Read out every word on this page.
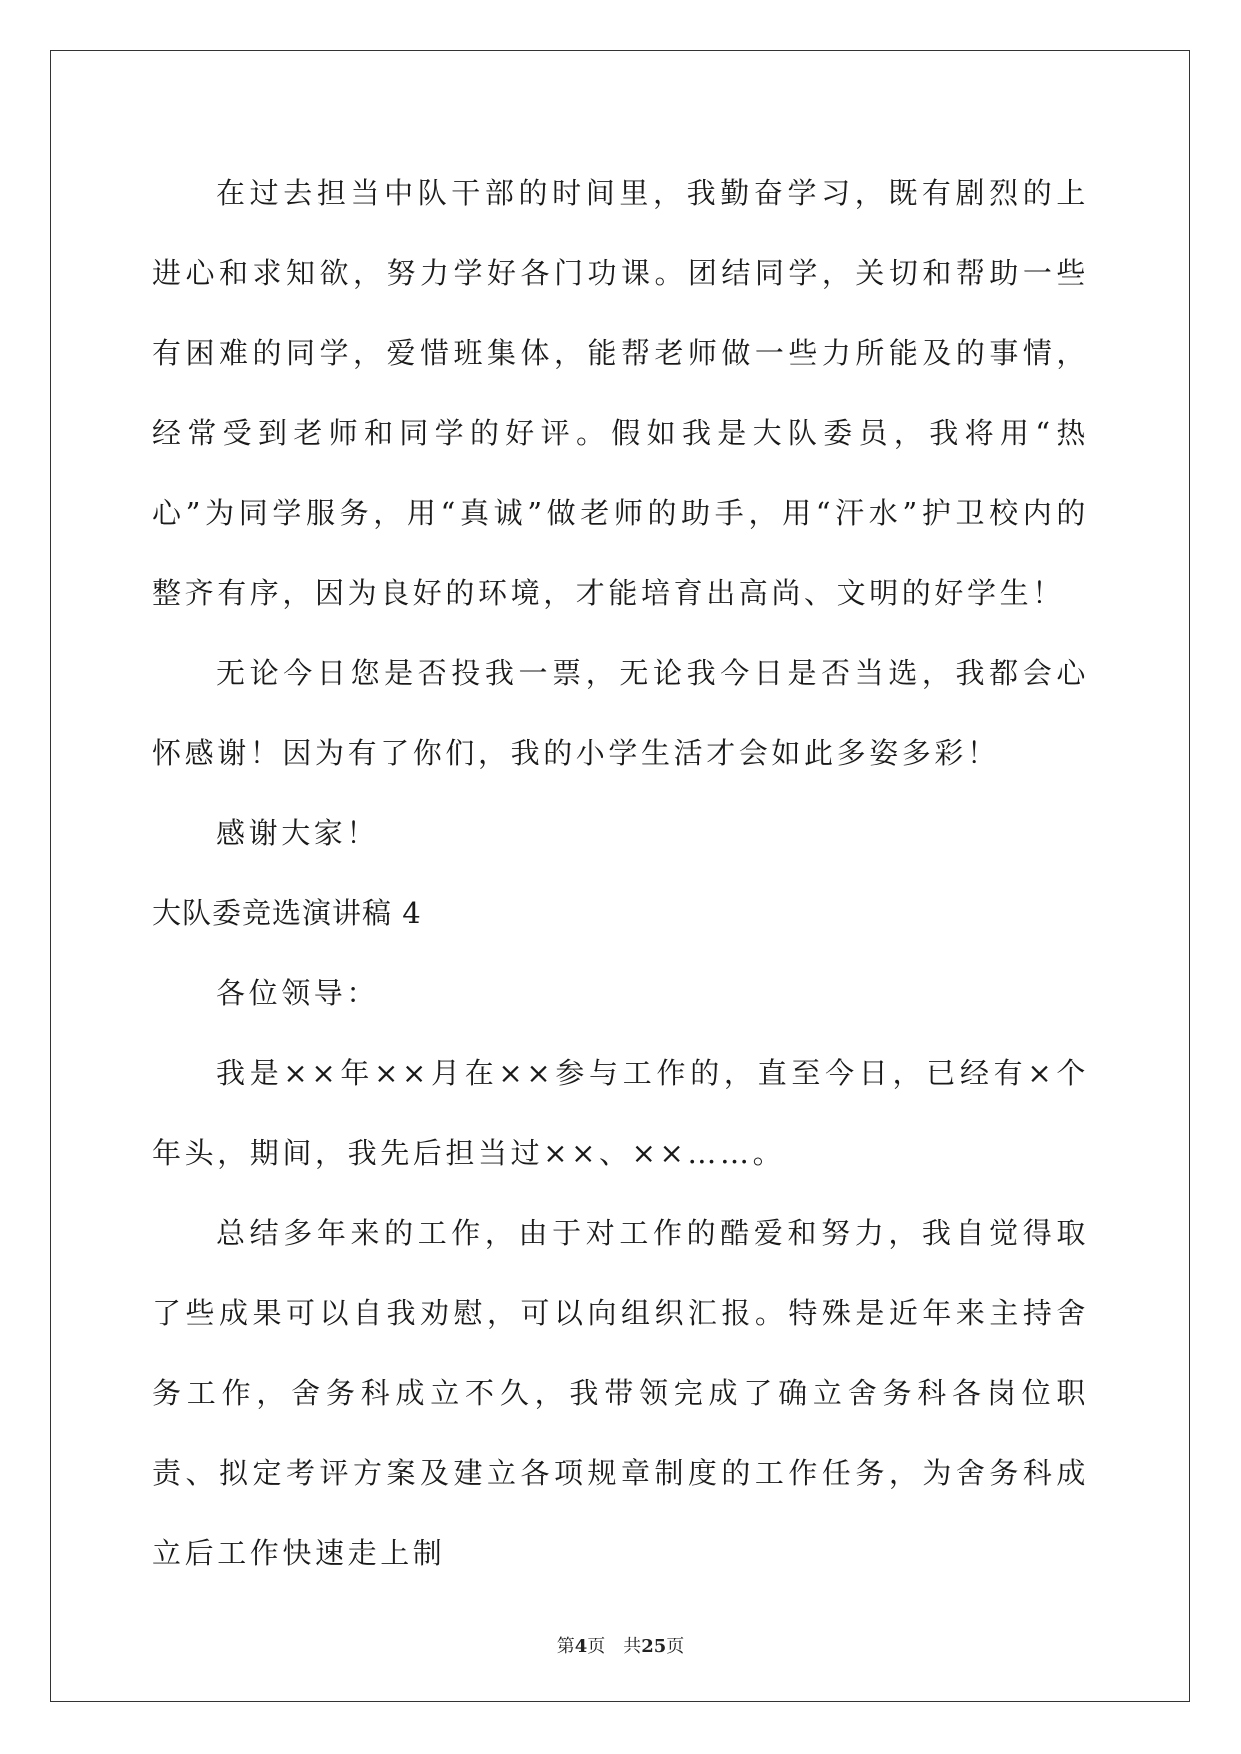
在过去担当中队干部的时间里，我勤奋学习，既有剧烈的上进心和求知欲，努力学好各门功课。团结同学，关切和帮助一些有困难的同学，爱惜班集体，能帮老师做一些力所能及的事情，经常受到老师和同学的好评。假如我是大队委员，我将用“热心”为同学服务，用“真诚”做老师的助手，用“汗水”护卫校内的整齐有序，因为良好的环境，才能培育出高尚、文明的好学生！

无论今日您是否投我一票，无论我今日是否当选，我都会心怀感谢！因为有了你们，我的小学生活才会如此多姿多彩！

感谢大家！

大队委竞选演讲稿 4

各位领导：

我是××年××月在××参与工作的，直至今日，已经有×个年头，期间，我先后担当过××、××……。

总结多年来的工作，由于对工作的酷爱和努力，我自觉得取了些成果可以自我劝慰，可以向组织汇报。特殊是近年来主持舍务工作，舍务科成立不久，我带领完成了确立舍务科各岗位职责、拟定考评方案及建立各项规章制度的工作任务，为舍务科成立后工作快速走上制

第4页 共25页
